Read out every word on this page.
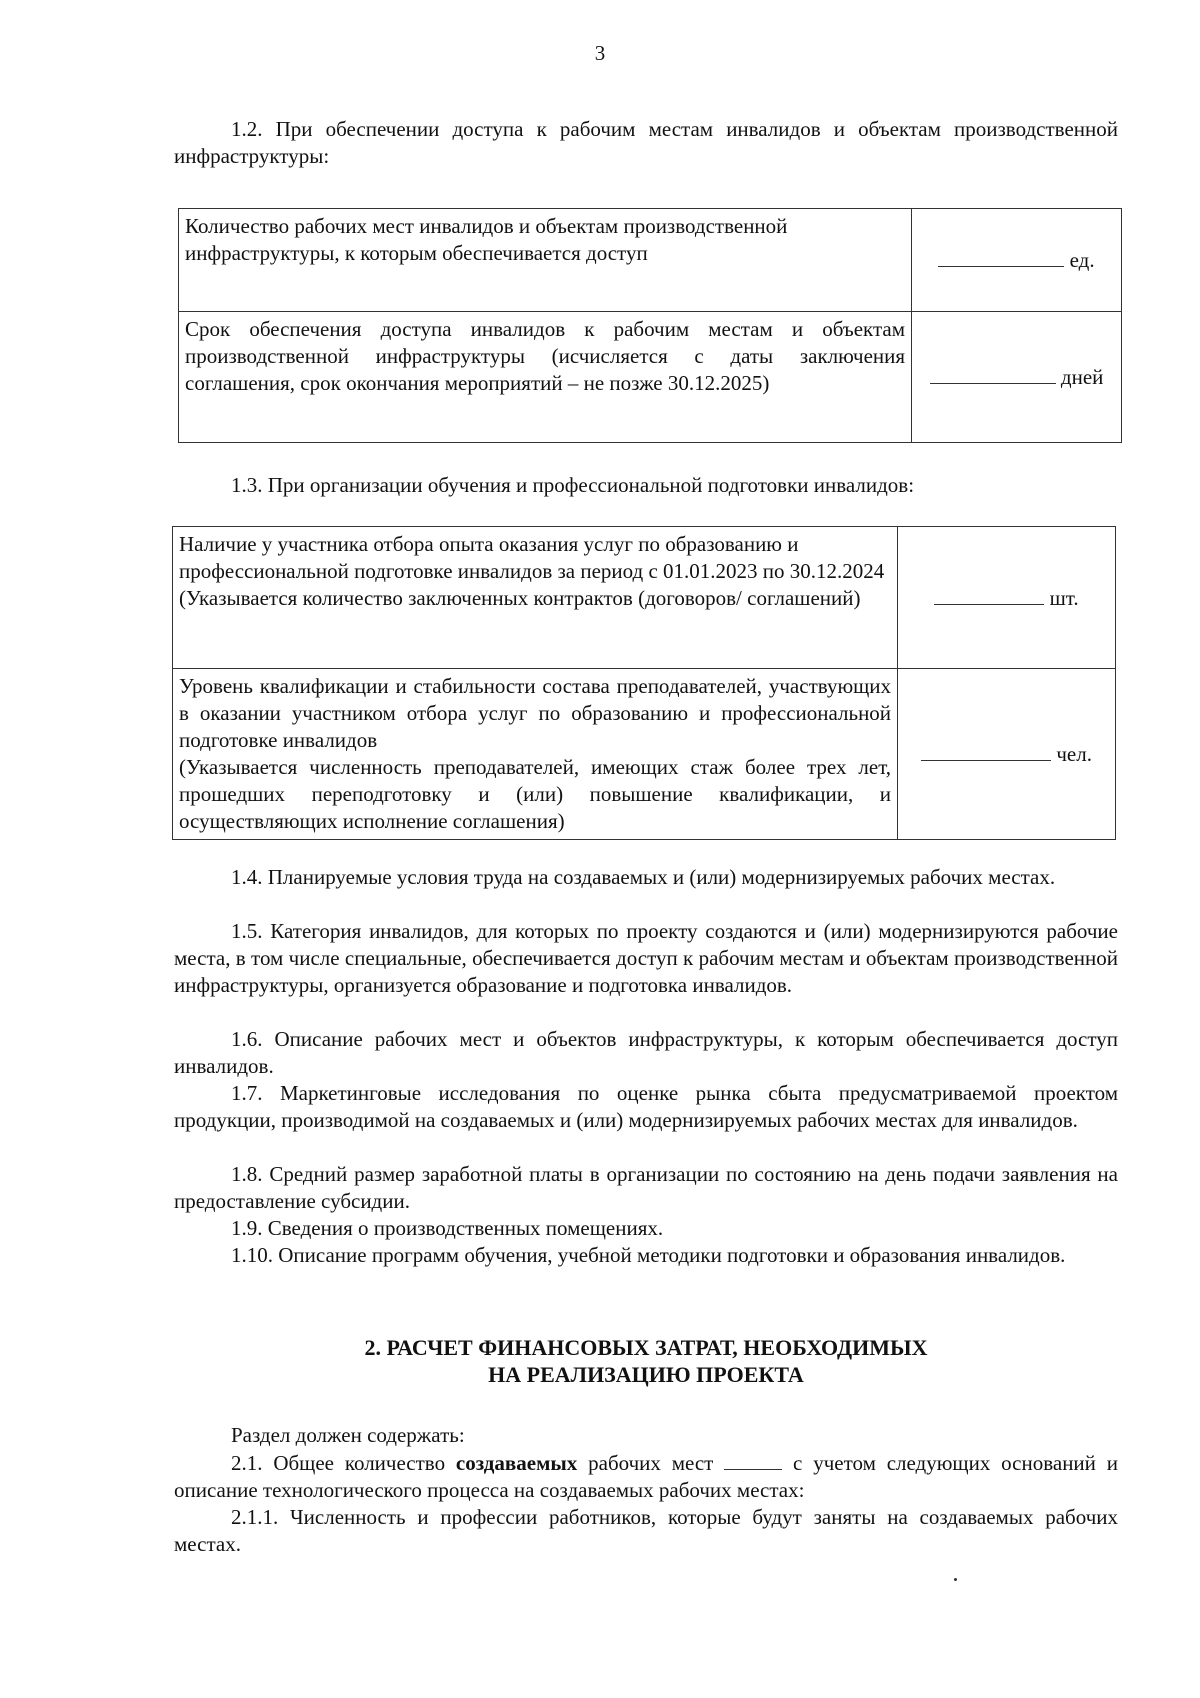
3
1.2. При обеспечении доступа к рабочим местам инвалидов и объектам производственной инфраструктуры:
Количество рабочих мест инвалидов и объектам производственной инфраструктуры, к которым обеспечивается доступ	ед.
Срок обеспечения доступа инвалидов к рабочим местам и объектам производственной инфраструктуры (исчисляется с даты заключения соглашения, срок окончания мероприятий – не позже 30.12.2025)	дней
1.3. При организации обучения и профессиональной подготовки инвалидов:
Наличие у участника отбора опыта оказания услуг по образованию и профессиональной подготовке инвалидов за период с 01.01.2023 по 30.12.2024
(Указывается количество заключенных контрактов (договоров/ соглашений)	шт.

Уровень квалификации и стабильности состава преподавателей, участвующих в оказании участником отбора услуг по образованию и профессиональной подготовке инвалидов
(Указывается численность преподавателей, имеющих стаж более трех лет, прошедших переподготовку и (или) повышение квалификации, и осуществляющих исполнение соглашения)	чел.
1.4. Планируемые условия труда на создаваемых и (или) модернизируемых рабочих местах.
1.5. Категория инвалидов, для которых по проекту создаются и (или) модернизируются рабочие места, в том числе специальные, обеспечивается доступ к рабочим местам и объектам производственной инфраструктуры, организуется образование и подготовка инвалидов.
1.6. Описание рабочих мест и объектов инфраструктуры, к которым обеспечивается доступ инвалидов.
1.7. Маркетинговые исследования по оценке рынка сбыта предусматриваемой проектом продукции, производимой на создаваемых и (или) модернизируемых рабочих местах для инвалидов.
1.8. Средний размер заработной платы в организации по состоянию на день подачи заявления на предоставление субсидии.
1.9. Сведения о производственных помещениях.
1.10. Описание программ обучения, учебной методики подготовки и образования инвалидов.
2. РАСЧЕТ ФИНАНСОВЫХ ЗАТРАТ, НЕОБХОДИМЫХ
НА РЕАЛИЗАЦИЮ ПРОЕКТА
Раздел должен содержать:
2.1. Общее количество создаваемых рабочих мест	с учетом следующих оснований и описание технологического процесса на создаваемых рабочих местах:
2.1.1. Численность и профессии работников, которые будут заняты на создаваемых рабочих местах.
